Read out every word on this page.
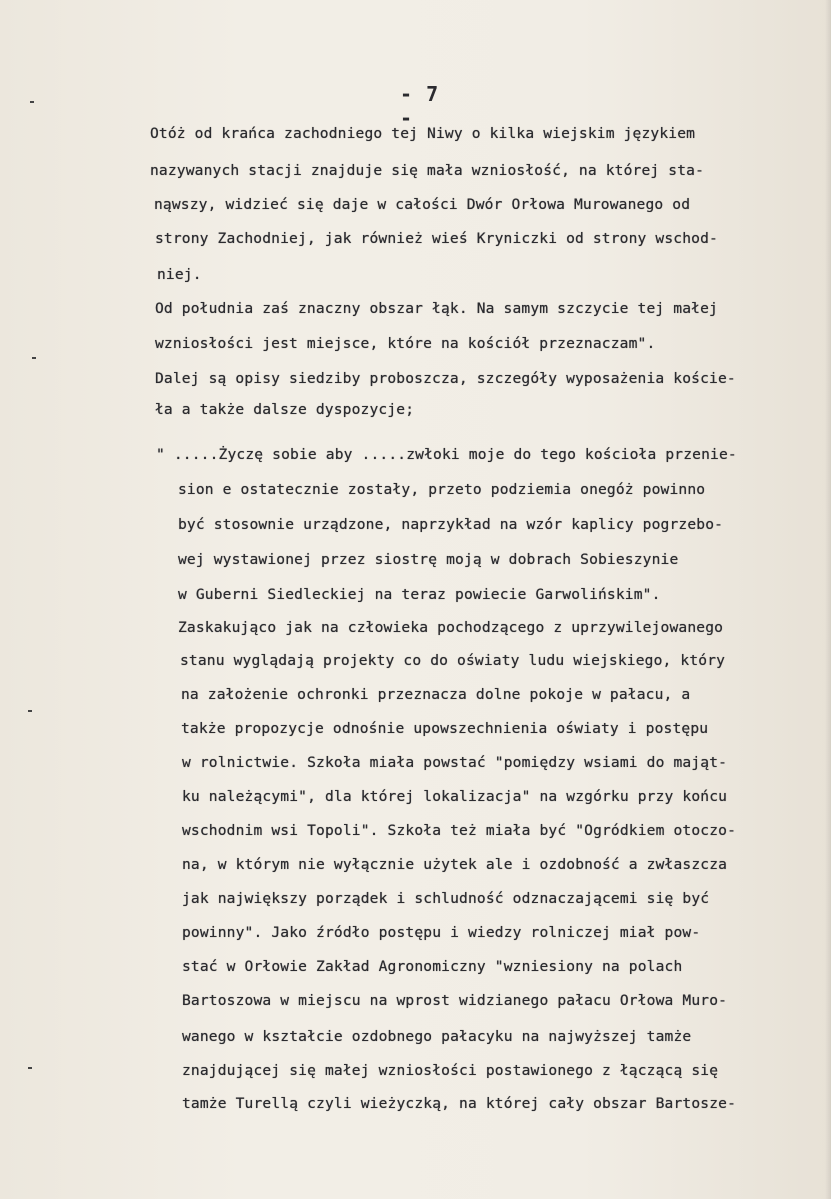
- 7 -
Otóż od krańca zachodniego tej Niwy o kilka wiejskim językiem
nazywanych stacji znajduje się mała wzniosłość, na której sta-
nąwszy, widzieć się daje w całości Dwór Orłowa Murowanego od
strony Zachodniej, jak również wieś Kryniczki od strony wschod-
niej.
Od południa zaś znaczny obszar łąk. Na samym szczycie tej małej
wzniosłości jest miejsce, które na kościół przeznaczam".
Dalej są opisy siedziby proboszcza, szczegóły wyposażenia koście-
ła a także dalsze dyspozycje;
" .....Życzę sobie aby .....zwłoki moje do tego kościoła przenie-
sion e ostatecznie zostały, przeto podziemia onegóż powinno
być stosownie urządzone, naprzykład na wzór kaplicy pogrzebo-
wej wystawionej przez siostrę moją w dobrach Sobieszynie
w Guberni Siedleckiej na teraz powiecie Garwolińskim".
Zaskakująco jak na człowieka pochodzącego z uprzywilejowanego
stanu wyglądają projekty co do oświaty ludu wiejskiego, który
na założenie ochronki przeznacza dolne pokoje w pałacu, a
także propozycje odnośnie upowszechnienia oświaty i postępu
w rolnictwie. Szkoła miała powstać "pomiędzy wsiami do mająt-
ku należącymi", dla której lokalizacja" na wzgórku przy końcu
wschodnim wsi Topoli". Szkoła też miała być "Ogródkiem otoczo-
na, w którym nie wyłącznie użytek ale i ozdobność a zwłaszcza
jak największy porządek i schludność odznaczającemi się być
powinny". Jako źródło postępu i wiedzy rolniczej miał pow-
stać w Orłowie Zakład Agronomiczny "wzniesiony na polach
Bartoszowa w miejscu na wprost widzianego pałacu Orłowa Muro-
wanego w kształcie ozdobnego pałacyku na najwyższej tamże
znajdującej się małej wzniosłości postawionego z łączącą się
tamże Turellą czyli wieżyczką, na której cały obszar Bartosze-
